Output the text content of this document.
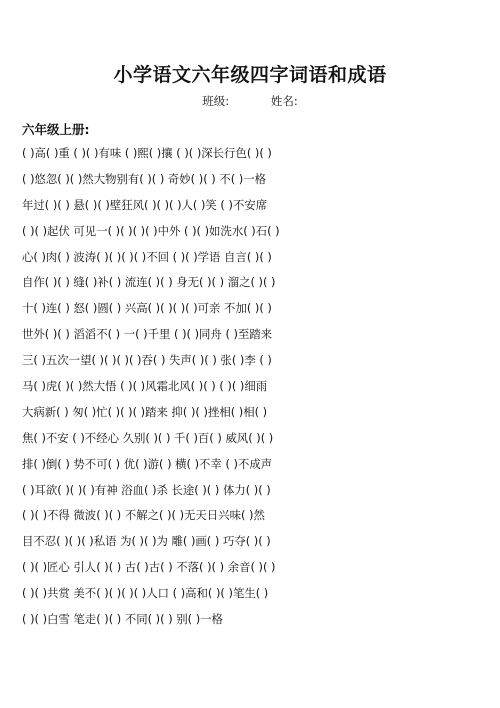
小学语文六年级四字词语和成语
班级:	姓名:
六年级上册:
( )高( )重 ( )( )有味 ( )熙( )攘 ( )( )深长行色( )( )
( )悠忽( )( )然大物别有( )( ) 奇妙( )( ) 不( )一格
年过( )( ) 悬( )( )壁狂风( )( )( )人( )笑 ( )不安席
( )( )起伏 可见一( )( )( )( )中外 ( )( )如洗水( )石( )
心( )肉( ) 波涛( )( )( )( )不回 ( )( )学语 自言( )( )
自作( )( ) 缝( )补( ) 流连( )( ) 身无( )( ) 溜之( )( )
十( )连( ) 怒( )圆( ) 兴高( )( )( )( )可亲 不加( )( )
世外( )( ) 滔滔不( ) 一( )千里 ( )( )同舟 ( )至踏来
三( )五次一望( )( )( )( )吞( ) 失声( )( ) 张( )李 ( )
马( )虎( )( )然大悟 ( )( )风霜北风( )( ) ( )( )细雨
大病新( ) 匆( )忙( )( )( )踏来 抑( )( )挫相( )相( )
焦( )不安 ( )不经心 久别( )( ) 千( )百( ) 威风( )( )
排( )倒( ) 势不可( ) 优( )游( ) 横( )不幸 ( )不成声
( )耳欲( )( )( )有神 浴血( )杀 长途( )( ) 体力( )( )
( )( )不得 微波( )( ) 不解之( )( )无天日兴味( )然
目不忍( )( )( )私语 为( )( )为 雕( )画( ) 巧夺( )( )
( )( )匠心 引人( )( ) 古( )古( ) 不落( )( ) 余音( )( )
( )( )共赏 美不( )( )( )( )人口 ( )高和( )( )笔生( )
( )( )白雪 笔走( )( ) 不同( )( ) 别( )一格
